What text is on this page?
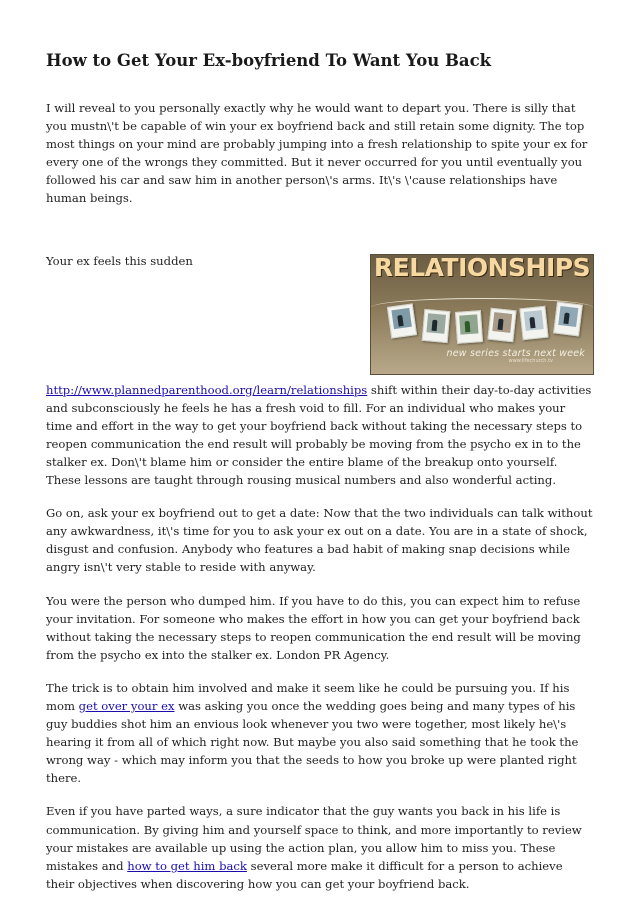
How to Get Your Ex-boyfriend To Want You Back

I will reveal to you personally exactly why he would want to depart you. There is silly that you mustn\'t be capable of win your ex boyfriend back and still retain some dignity. The top most things on your mind are probably jumping into a fresh relationship to spite your ex for every one of the wrongs they committed. But it never occurred for you until eventually you followed his car and saw him in another person\'s arms. It\'s \'cause relationships have human beings.

RELATIONSHIPS
new series starts next week
www.lifechurch.tv

Your ex feels this sudden http://www.plannedparenthood.org/learn/relationships shift within their day-to-day activities and subconsciously he feels he has a fresh void to fill. For an individual who makes your time and effort in the way to get your boyfriend back without taking the necessary steps to reopen communication the end result will probably be moving from the psycho ex in to the stalker ex. Don\'t blame him or consider the entire blame of the breakup onto yourself. These lessons are taught through rousing musical numbers and also wonderful acting.

Go on, ask your ex boyfriend out to get a date: Now that the two individuals can talk without any awkwardness, it\'s time for you to ask your ex out on a date. You are in a state of shock, disgust and confusion. Anybody who features a bad habit of making snap decisions while angry isn\'t very stable to reside with anyway.

You were the person who dumped him. If you have to do this, you can expect him to refuse your invitation. For someone who makes the effort in how you can get your boyfriend back without taking the necessary steps to reopen communication the end result will be moving from the psycho ex into the stalker ex. London PR Agency.

The trick is to obtain him involved and make it seem like he could be pursuing you. If his mom get over your ex was asking you once the wedding goes being and many types of his guy buddies shot him an envious look whenever you two were together, most likely he\'s hearing it from all of which right now. But maybe you also said something that he took the wrong way - which may inform you that the seeds to how you broke up were planted right there.

Even if you have parted ways, a sure indicator that the guy wants you back in his life is communication. By giving him and yourself space to think, and more importantly to review your mistakes are available up using the action plan, you allow him to miss you. These mistakes and how to get him back several more make it difficult for a person to achieve their objectives when discovering how you can get your boyfriend back.
